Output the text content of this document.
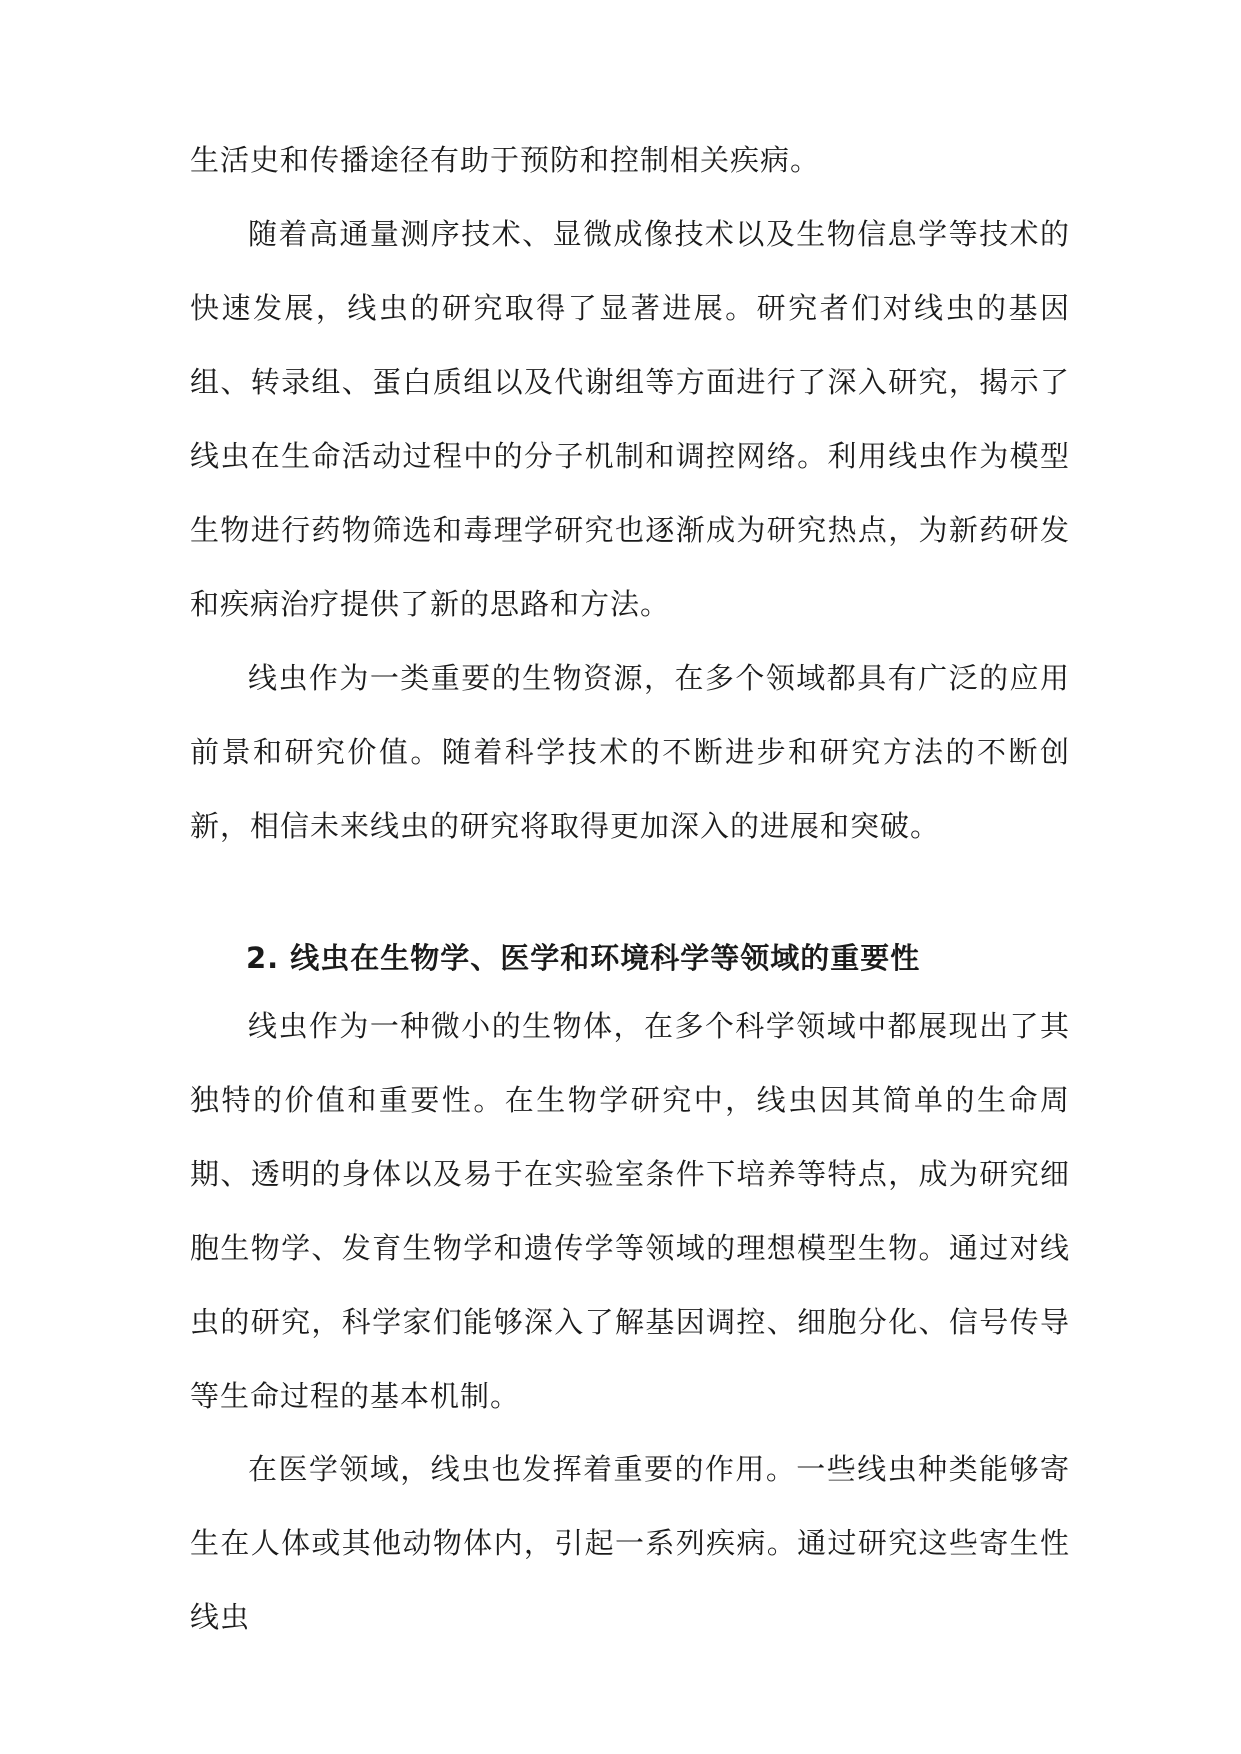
生活史和传播途径有助于预防和控制相关疾病。

随着高通量测序技术、显微成像技术以及生物信息学等技术的快速发展，线虫的研究取得了显著进展。研究者们对线虫的基因组、转录组、蛋白质组以及代谢组等方面进行了深入研究，揭示了线虫在生命活动过程中的分子机制和调控网络。利用线虫作为模型生物进行药物筛选和毒理学研究也逐渐成为研究热点，为新药研发和疾病治疗提供了新的思路和方法。

线虫作为一类重要的生物资源，在多个领域都具有广泛的应用前景和研究价值。随着科学技术的不断进步和研究方法的不断创新，相信未来线虫的研究将取得更加深入的进展和突破。

2. 线虫在生物学、医学和环境科学等领域的重要性

线虫作为一种微小的生物体，在多个科学领域中都展现出了其独特的价值和重要性。在生物学研究中，线虫因其简单的生命周期、透明的身体以及易于在实验室条件下培养等特点，成为研究细胞生物学、发育生物学和遗传学等领域的理想模型生物。通过对线虫的研究，科学家们能够深入了解基因调控、细胞分化、信号传导等生命过程的基本机制。

在医学领域，线虫也发挥着重要的作用。一些线虫种类能够寄生在人体或其他动物体内，引起一系列疾病。通过研究这些寄生性线虫
